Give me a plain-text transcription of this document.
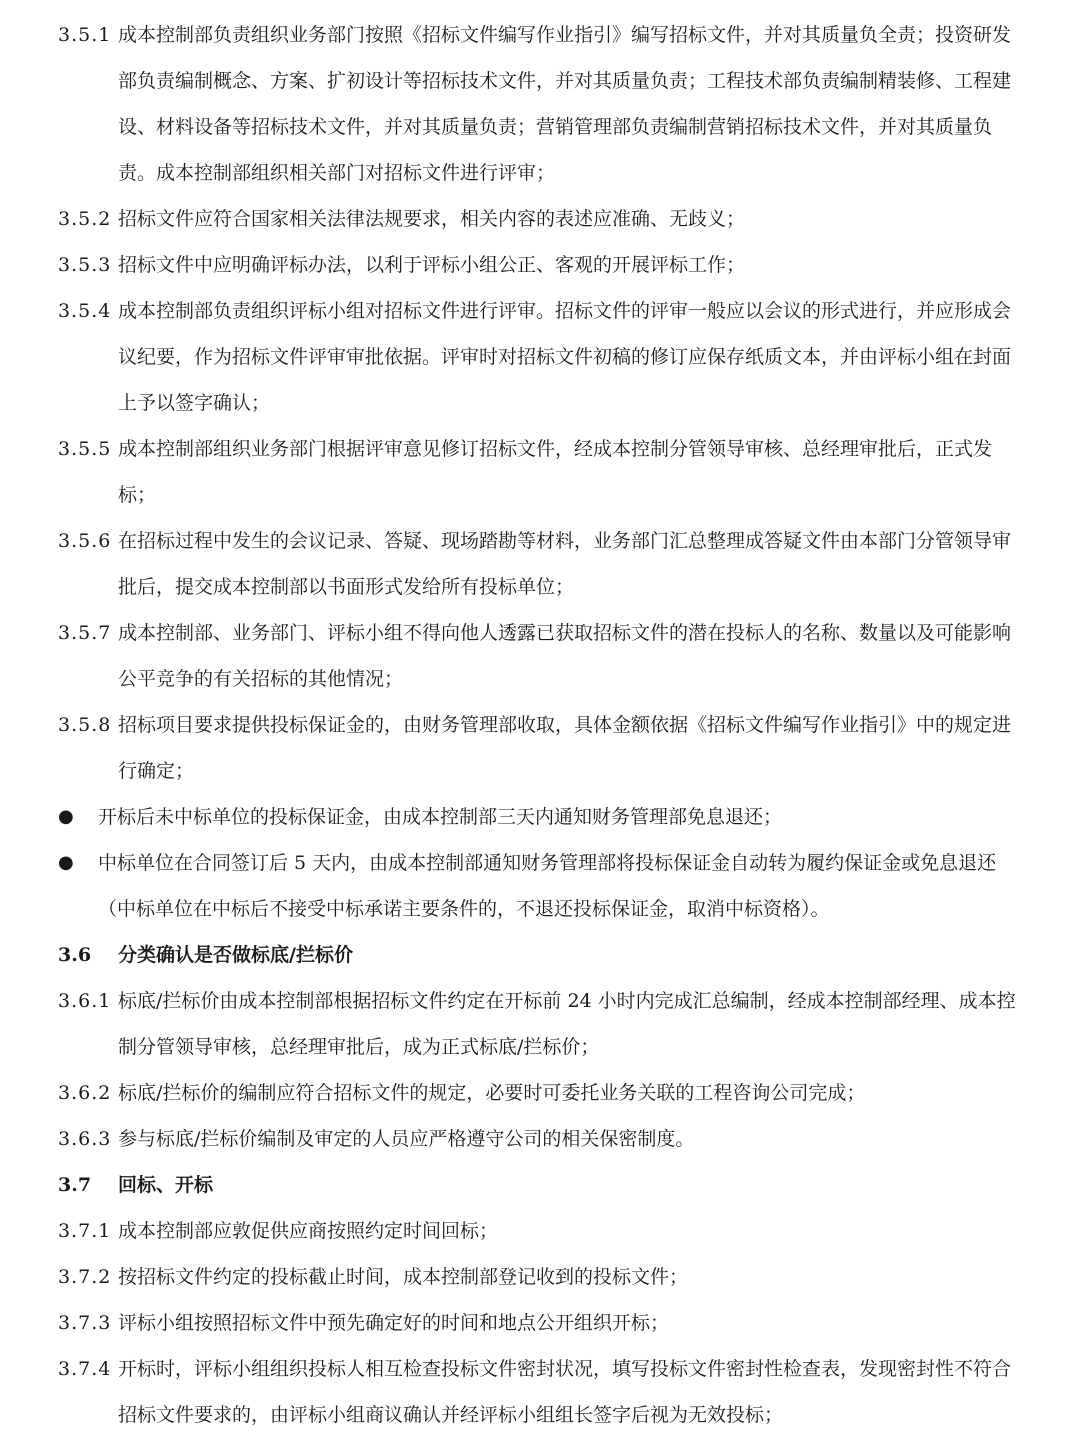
3.5.1 成本控制部负责组织业务部门按照《招标文件编写作业指引》编写招标文件，并对其质量负全责；投资研发部负责编制概念、方案、扩初设计等招标技术文件，并对其质量负责；工程技术部负责编制精装修、工程建设、材料设备等招标技术文件，并对其质量负责；营销管理部负责编制营销招标技术文件，并对其质量负责。成本控制部组织相关部门对招标文件进行评审；
3.5.2 招标文件应符合国家相关法律法规要求，相关内容的表述应准确、无歧义；
3.5.3 招标文件中应明确评标办法，以利于评标小组公正、客观的开展评标工作；
3.5.4 成本控制部负责组织评标小组对招标文件进行评审。招标文件的评审一般应以会议的形式进行，并应形成会议纪要，作为招标文件评审审批依据。评审时对招标文件初稿的修订应保存纸质文本，并由评标小组在封面上予以签字确认；
3.5.5 成本控制部组织业务部门根据评审意见修订招标文件，经成本控制分管领导审核、总经理审批后，正式发标；
3.5.6 在招标过程中发生的会议记录、答疑、现场踏勘等材料，业务部门汇总整理成答疑文件由本部门分管领导审批后，提交成本控制部以书面形式发给所有投标单位；
3.5.7 成本控制部、业务部门、评标小组不得向他人透露已获取招标文件的潜在投标人的名称、数量以及可能影响公平竞争的有关招标的其他情况；
3.5.8 招标项目要求提供投标保证金的，由财务管理部收取，具体金额依据《招标文件编写作业指引》中的规定进行确定；
●	开标后未中标单位的投标保证金，由成本控制部三天内通知财务管理部免息退还；
●	中标单位在合同签订后 5 天内，由成本控制部通知财务管理部将投标保证金自动转为履约保证金或免息退还（中标单位在中标后不接受中标承诺主要条件的，不退还投标保证金，取消中标资格）。
3.6	分类确认是否做标底/拦标价
3.6.1 标底/拦标价由成本控制部根据招标文件约定在开标前 24 小时内完成汇总编制，经成本控制部经理、成本控制分管领导审核，总经理审批后，成为正式标底/拦标价；
3.6.2 标底/拦标价的编制应符合招标文件的规定，必要时可委托业务关联的工程咨询公司完成；
3.6.3 参与标底/拦标价编制及审定的人员应严格遵守公司的相关保密制度。
3.7	回标、开标
3.7.1 成本控制部应敦促供应商按照约定时间回标；
3.7.2 按招标文件约定的投标截止时间，成本控制部登记收到的投标文件；
3.7.3 评标小组按照招标文件中预先确定好的时间和地点公开组织开标；
3.7.4 开标时，评标小组组织投标人相互检查投标文件密封状况，填写投标文件密封性检查表，发现密封性不符合招标文件要求的，由评标小组商议确认并经评标小组组长签字后视为无效投标；
